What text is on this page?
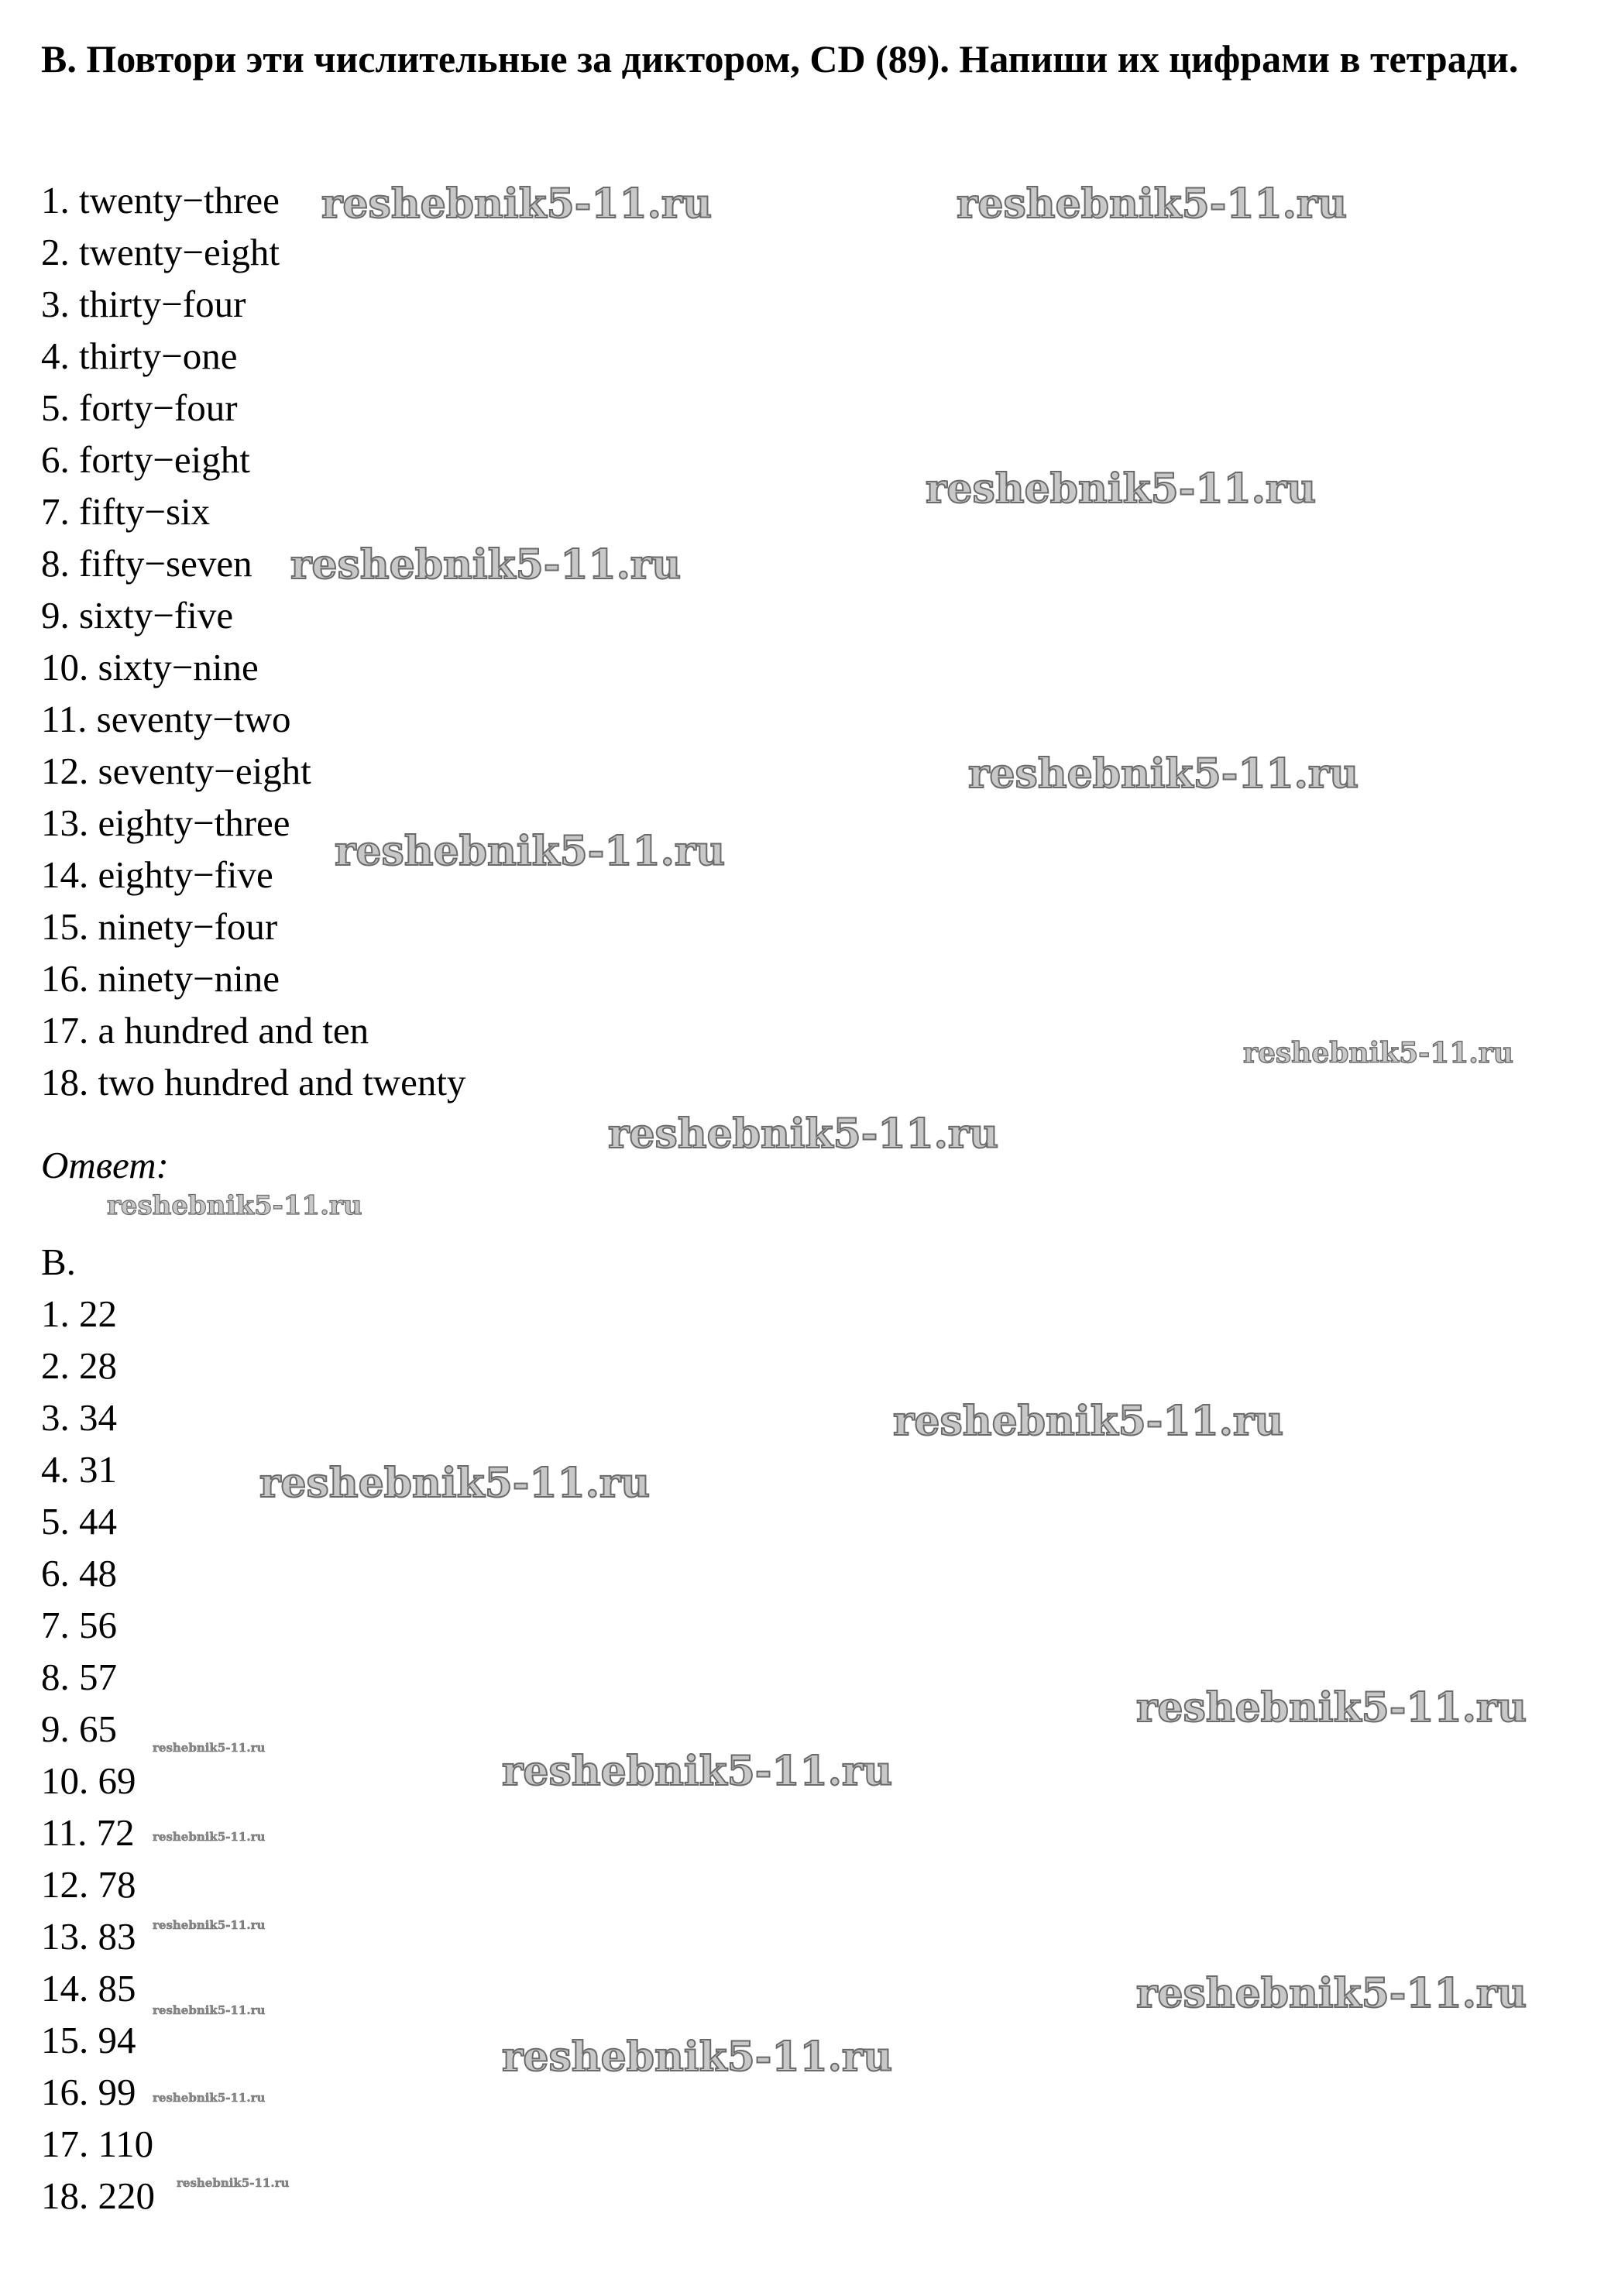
B. Повтори эти числительные за диктором, CD (89). Напиши их цифрами в тетради.
1. twenty−three
2. twenty−eight
3. thirty−four
4. thirty−one
5. forty−four
6. forty−eight
7. fifty−six
8. fifty−seven
9. sixty−five
10. sixty−nine
11. seventy−two
12. seventy−eight
13. eighty−three
14. eighty−five
15. ninety−four
16. ninety−nine
17. a hundred and ten
18. two hundred and twenty
Ответ:
B.
1. 22
2. 28
3. 34
4. 31
5. 44
6. 48
7. 56
8. 57
9. 65
10. 69
11. 72
12. 78
13. 83
14. 85
15. 94
16. 99
17. 110
18. 220
reshebnik5-11.ru	reshebnik5-11.ru
reshebnik5-11.ru
reshebnik5-11.ru
reshebnik5-11.ru
reshebnik5-11.ru
reshebnik5-11.ru
reshebnik5-11.ru
reshebnik5-11.ru
reshebnik5-11.ru
reshebnik5-11.ru
reshebnik5-11.ru
reshebnik5-11.ru
reshebnik5-11.ru
reshebnik5-11.ru
reshebnik5-11.ru
reshebnik5-11.ru
reshebnik5-11.ru
reshebnik5-11.ru
reshebnik5-11.ru
reshebnik5-11.ru
